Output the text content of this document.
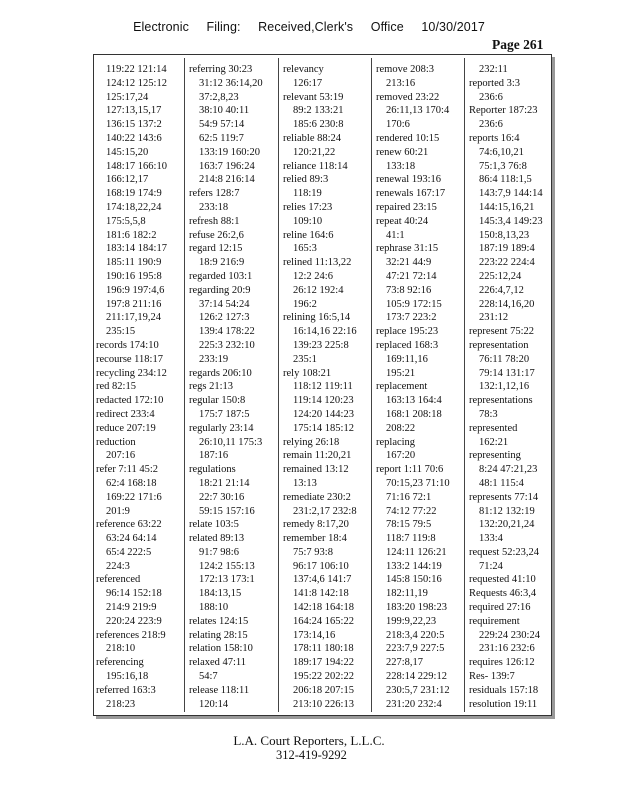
Electronic Filing: Received,Clerk's Office 10/30/2017
Page 261
119:22 121:14
124:12 125:12
125:17,24
127:13,15,17
136:15 137:2
140:22 143:6
145:15,20
148:17 166:10
166:12,17
168:19 174:9
174:18,22,24
175:5,5,8
181:6 182:2
183:14 184:17
185:11 190:9
190:16 195:8
196:9 197:4,6
197:8 211:16
211:17,19,24
235:15
records 174:10
recourse 118:17
recycling 234:12
red 82:15
redacted 172:10
redirect 233:4
reduce 207:19
reduction
207:16
refer 7:11 45:2
62:4 168:18
169:22 171:6
201:9
reference 63:22
63:24 64:14
65:4 222:5
224:3
referenced
96:14 152:18
214:9 219:9
220:24 223:9
references 218:9
218:10
referencing
195:16,18
referred 163:3
218:23
referring 30:23
31:12 36:14,20
37:2,8,23
38:10 40:11
54:9 57:14
62:5 119:7
133:19 160:20
163:7 196:24
214:8 216:14
refers 128:7
233:18
refresh 88:1
refuse 26:2,6
regard 12:15
18:9 216:9
regarded 103:1
regarding 20:9
37:14 54:24
126:2 127:3
139:4 178:22
225:3 232:10
233:19
regards 206:10
regs 21:13
regular 150:8
175:7 187:5
regularly 23:14
26:10,11 175:3
187:16
regulations
18:21 21:14
22:7 30:16
59:15 157:16
relate 103:5
related 89:13
91:7 98:6
124:2 155:13
172:13 173:1
184:13,15
188:10
relates 124:15
relating 28:15
relation 158:10
relaxed 47:11
54:7
release 118:11
120:14
relevancy
126:17
relevant 53:19
89:2 133:21
185:6 230:8
reliable 88:24
120:21,22
reliance 118:14
relied 89:3
118:19
relies 17:23
109:10
reline 164:6
165:3
relined 11:13,22
12:2 24:6
26:12 192:4
196:2
relining 16:5,14
16:14,16 22:16
139:23 225:8
235:1
rely 108:21
118:12 119:11
119:14 120:23
124:20 144:23
175:14 185:12
relying 26:18
remain 11:20,21
remained 13:12
13:13
remediate 230:2
231:2,17 232:8
remedy 8:17,20
remember 18:4
75:7 93:8
96:17 106:10
137:4,6 141:7
141:8 142:18
142:18 164:18
164:24 165:22
173:14,16
178:11 180:18
189:17 194:22
195:22 202:22
206:18 207:15
213:10 226:13
remove 208:3
213:16
removed 23:22
26:11,13 170:4
170:6
rendered 10:15
renew 60:21
133:18
renewal 193:16
renewals 167:17
repaired 23:15
repeat 40:24
41:1
rephrase 31:15
32:21 44:9
47:21 72:14
73:8 92:16
105:9 172:15
173:7 223:2
replace 195:23
replaced 168:3
169:11,16
195:21
replacement
163:13 164:4
168:1 208:18
208:22
replacing
167:20
report 1:11 70:6
70:15,23 71:10
71:16 72:1
74:12 77:22
78:15 79:5
118:7 119:8
124:11 126:21
133:2 144:19
145:8 150:16
182:11,19
183:20 198:23
199:9,22,23
218:3,4 220:5
223:7,9 227:5
227:8,17
228:14 229:12
230:5,7 231:12
231:20 232:4
232:11
reported 3:3
236:6
Reporter 187:23
236:6
reports 16:4
74:6,10,21
75:1,3 76:8
86:4 118:1,5
143:7,9 144:14
144:15,16,21
145:3,4 149:23
150:8,13,23
187:19 189:4
223:22 224:4
225:12,24
226:4,7,12
228:14,16,20
231:12
represent 75:22
representation
76:11 78:20
79:14 131:17
132:1,12,16
representations
78:3
represented
162:21
representing
8:24 47:21,23
48:1 115:4
represents 77:14
81:12 132:19
132:20,21,24
133:4
request 52:23,24
71:24
requested 41:10
Requests 46:3,4
required 27:16
requirement
229:24 230:24
231:16 232:6
requires 126:12
Res- 139:7
residuals 157:18
resolution 19:11
L.A. Court Reporters, L.L.C.
312-419-9292
